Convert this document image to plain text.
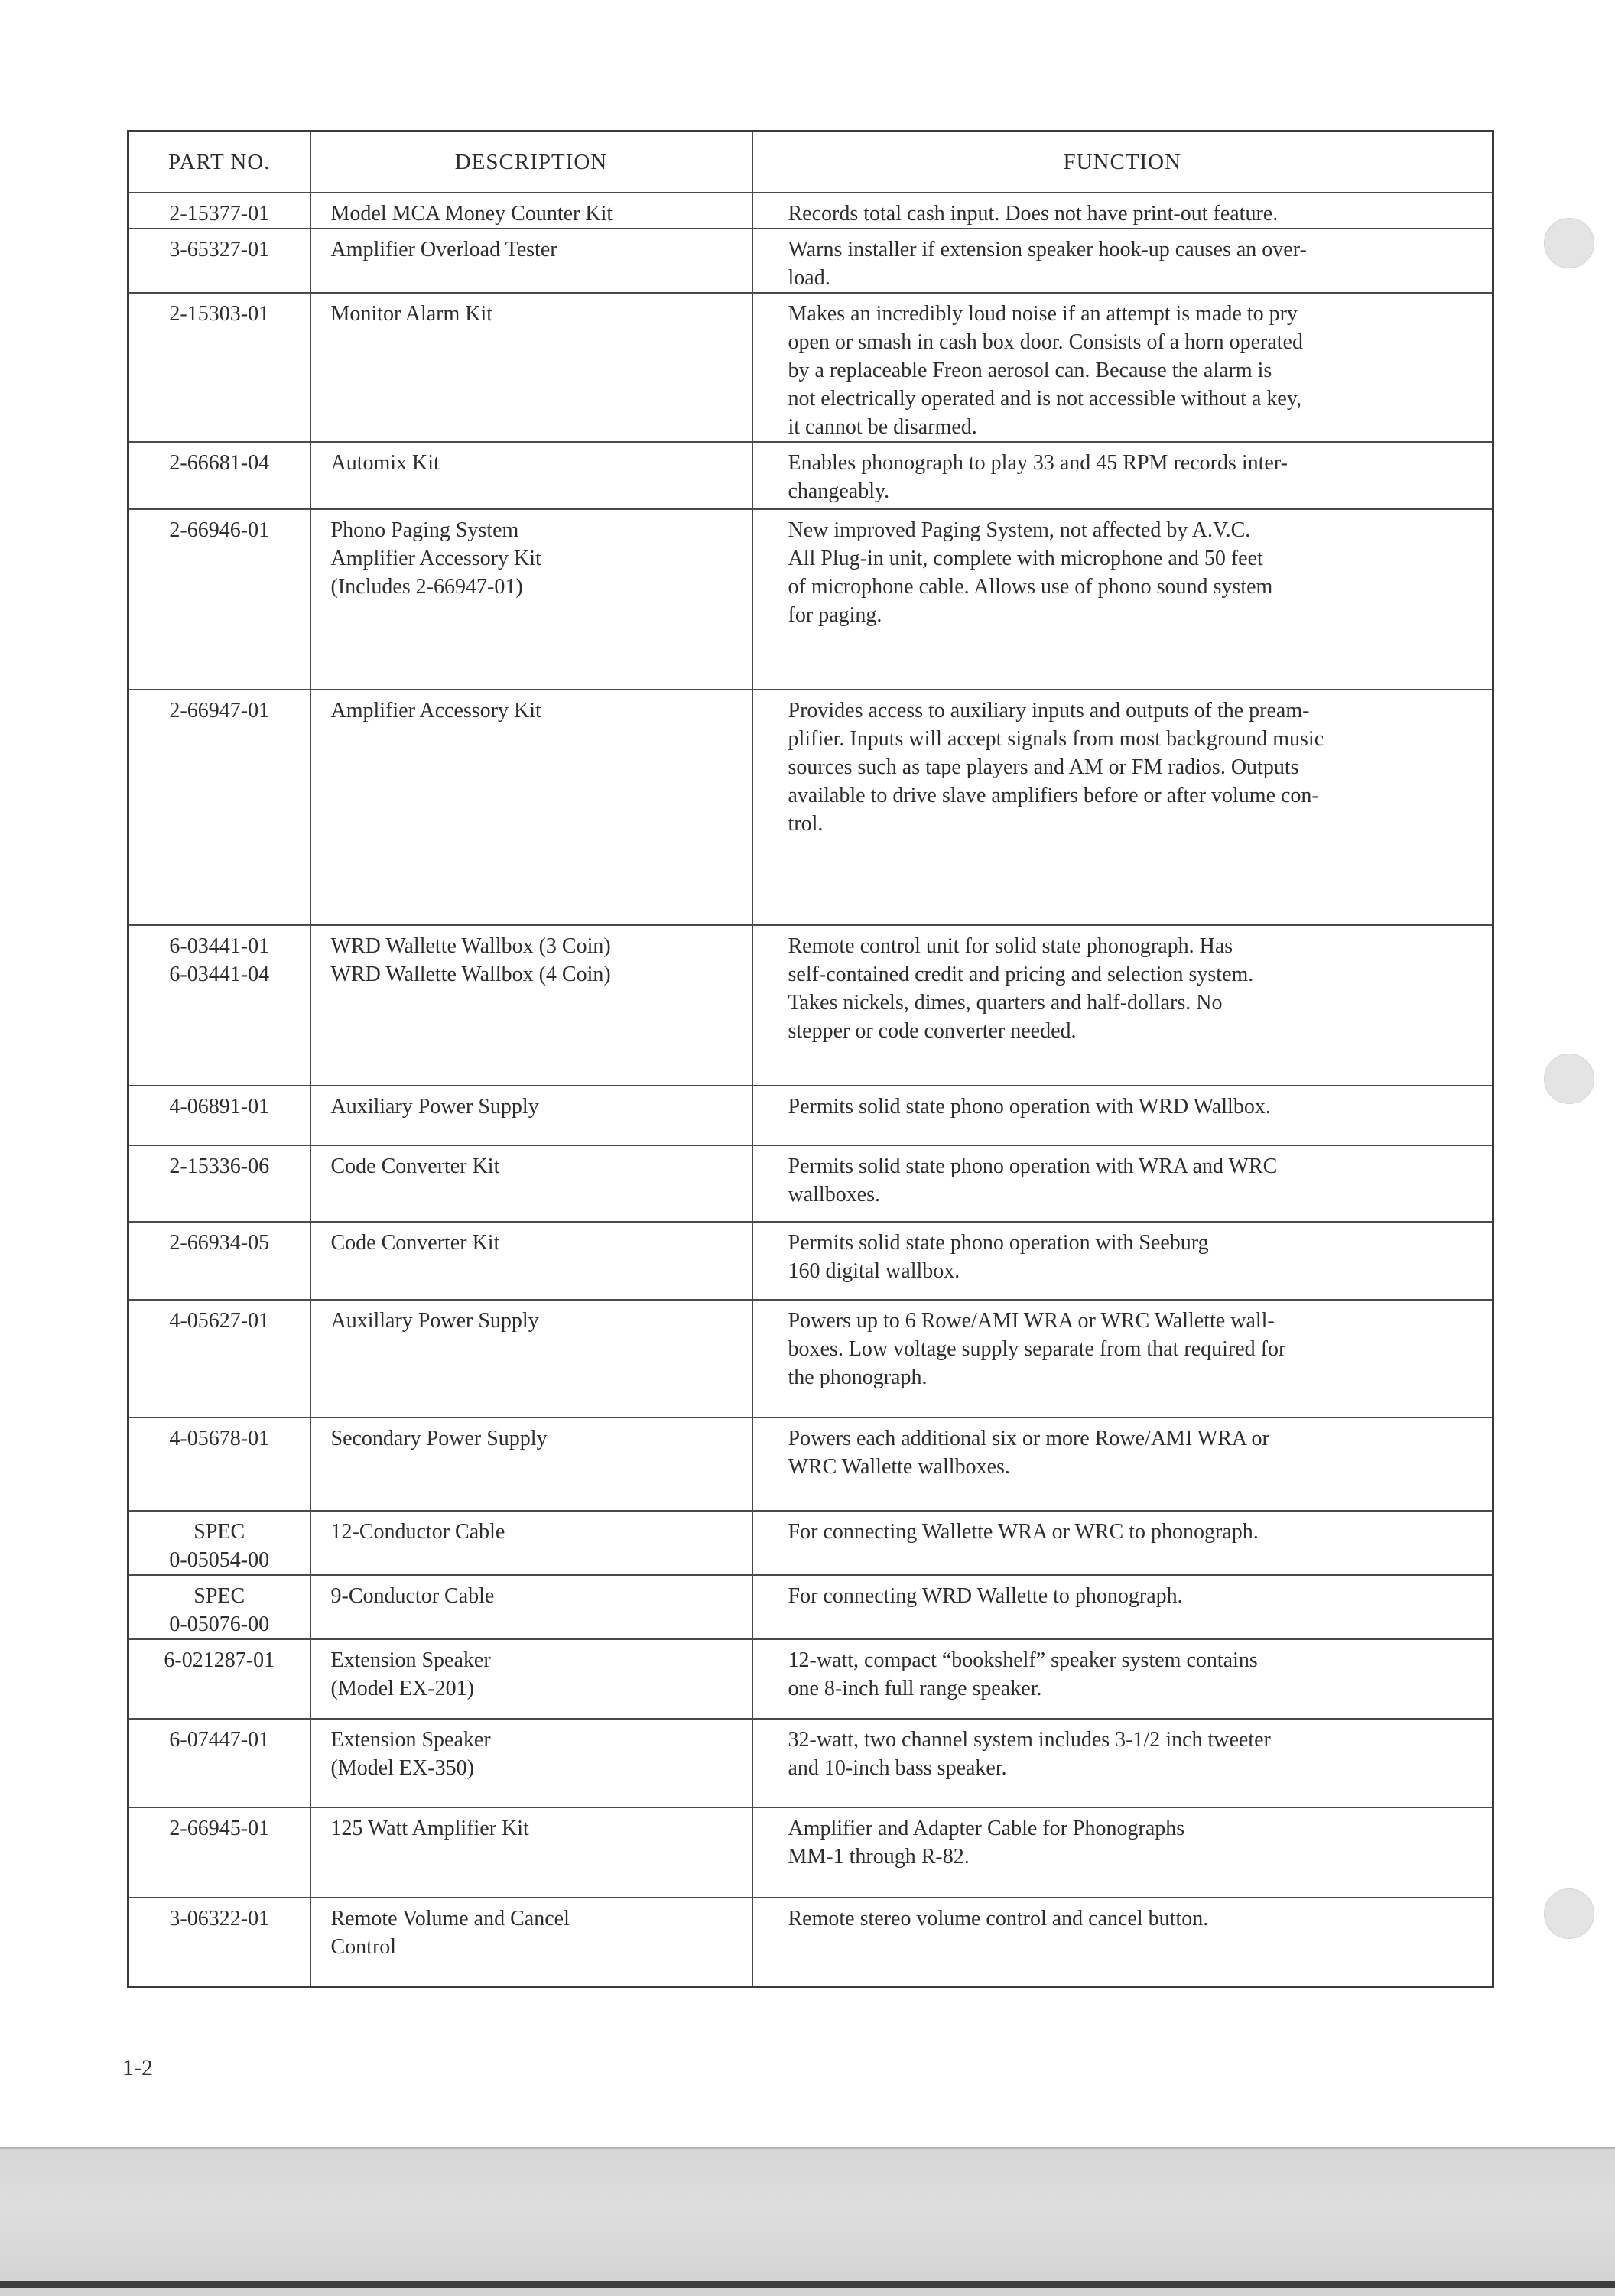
PART NO.	DESCRIPTION	FUNCTION

2-15377-01	Model MCA Money Counter Kit	Records total cash input. Does not have print-out feature.

3-65327-01	Amplifier Overload Tester	Warns installer if extension speaker hook-up causes an over-
load.

2-15303-01	Monitor Alarm Kit	Makes an incredibly loud noise if an attempt is made to pry
open or smash in cash box door. Consists of a horn operated
by a replaceable Freon aerosol can. Because the alarm is
not electrically operated and is not accessible without a key,
it cannot be disarmed.

2-66681-04	Automix Kit	Enables phonograph to play 33 and 45 RPM records inter-
changeably.

2-66946-01	Phono Paging System
Amplifier Accessory Kit
(Includes 2-66947-01)	New improved Paging System, not affected by A.V.C.
All Plug-in unit, complete with microphone and 50 feet
of microphone cable. Allows use of phono sound system
for paging.

2-66947-01	Amplifier Accessory Kit	Provides access to auxiliary inputs and outputs of the pream-
plifier. Inputs will accept signals from most background music
sources such as tape players and AM or FM radios. Outputs
available to drive slave amplifiers before or after volume con-
trol.

6-03441-01
6-03441-04	WRD Wallette Wallbox (3 Coin)
WRD Wallette Wallbox (4 Coin)	Remote control unit for solid state phonograph. Has
self-contained credit and pricing and selection system.
Takes nickels, dimes, quarters and half-dollars. No
stepper or code converter needed.

4-06891-01	Auxiliary Power Supply	Permits solid state phono operation with WRD Wallbox.

2-15336-06	Code Converter Kit	Permits solid state phono operation with WRA and WRC
wallboxes.

2-66934-05	Code Converter Kit	Permits solid state phono operation with Seeburg
160 digital wallbox.

4-05627-01	Auxillary Power Supply	Powers up to 6 Rowe/AMI WRA or WRC Wallette wall-
boxes. Low voltage supply separate from that required for
the phonograph.

4-05678-01	Secondary Power Supply	Powers each additional six or more Rowe/AMI WRA or
WRC Wallette wallboxes.

SPEC
0-05054-00	12-Conductor Cable	For connecting Wallette WRA or WRC to phonograph.

SPEC
0-05076-00	9-Conductor Cable	For connecting WRD Wallette to phonograph.

6-021287-01	Extension Speaker
(Model EX-201)	12-watt, compact “bookshelf” speaker system contains
one 8-inch full range speaker.

6-07447-01	Extension Speaker
(Model EX-350)	32-watt, two channel system includes 3-1/2 inch tweeter
and 10-inch bass speaker.

2-66945-01	125 Watt Amplifier Kit	Amplifier and Adapter Cable for Phonographs
MM-1 through R-82.

3-06322-01	Remote Volume and Cancel
Control	Remote stereo volume control and cancel button.
1-2
